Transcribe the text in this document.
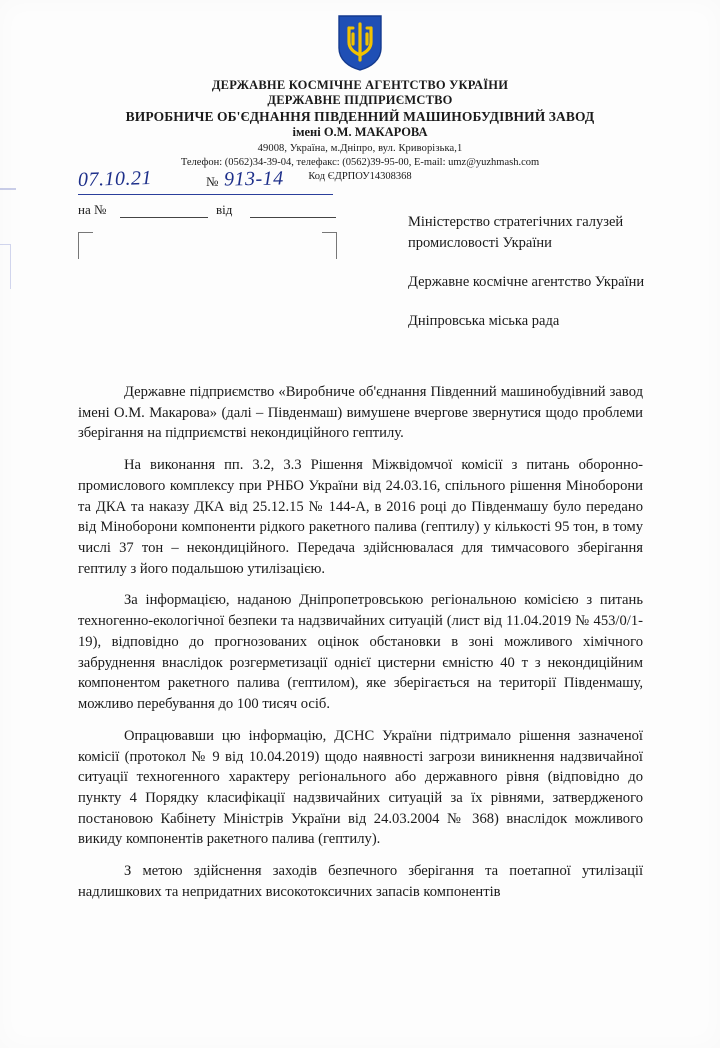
ДЕРЖАВНЕ КОСМІЧНЕ АГЕНТСТВО УКРАЇНИ
ДЕРЖАВНЕ ПІДПРИЄМСТВО
ВИРОБНИЧЕ ОБ'ЄДНАННЯ ПІВДЕННИЙ МАШИНОБУДІВНИЙ ЗАВОД
імені О.М. МАКАРОВА
49008, Україна, м.Дніпро, вул. Криворізька,1
Телефон: (0562)34-39-04, телефакс: (0562)39-95-00, E-mail: umz@yuzhmash.com
Код ЄДРПОУ14308368
07.10.21	№ 913-14
на №	від
Міністерство стратегічних галузей промисловості України
Державне космічне агентство України
Дніпровська міська рада

Державне підприємство «Виробниче об'єднання Південний машинобудівний завод імені О.М. Макарова» (далі – Південмаш) вимушене вчергове звернутися щодо проблеми зберігання на підприємстві некондиційного гептилу.

На виконання пп. 3.2, 3.3 Рішення Міжвідомчої комісії з питань оборонно-промислового комплексу при РНБО України від 24.03.16, спільного рішення Міноборони та ДКА та наказу ДКА від 25.12.15 № 144-А, в 2016 році до Південмашу було передано від Міноборони компоненти рідкого ракетного палива (гептилу) у кількості 95 тон, в тому числі 37 тон – некондиційного. Передача здійснювалася для тимчасового зберігання гептилу з його подальшою утилізацією.

За інформацією, наданою Дніпропетровською регіональною комісією з питань техногенно-екологічної безпеки та надзвичайних ситуацій (лист від 11.04.2019 № 453/0/1-19), відповідно до прогнозованих оцінок обстановки в зоні можливого хімічного забруднення внаслідок розгерметизації однієї цистерни ємністю 40 т з некондиційним компонентом ракетного палива (гептилом), яке зберігається на території Південмашу, можливо перебування до 100 тисяч осіб.

Опрацювавши цю інформацію, ДСНС України підтримало рішення зазначеної комісії (протокол № 9 від 10.04.2019) щодо наявності загрози виникнення надзвичайної ситуації техногенного характеру регіонального або державного рівня (відповідно до пункту 4 Порядку класифікації надзвичайних ситуацій за їх рівнями, затвердженого постановою Кабінету Міністрів України від 24.03.2004 № 368) внаслідок можливого викиду компонентів ракетного палива (гептилу).

З метою здійснення заходів безпечного зберігання та поетапної утилізації надлишкових та непридатних високотоксичних запасів компонентів
